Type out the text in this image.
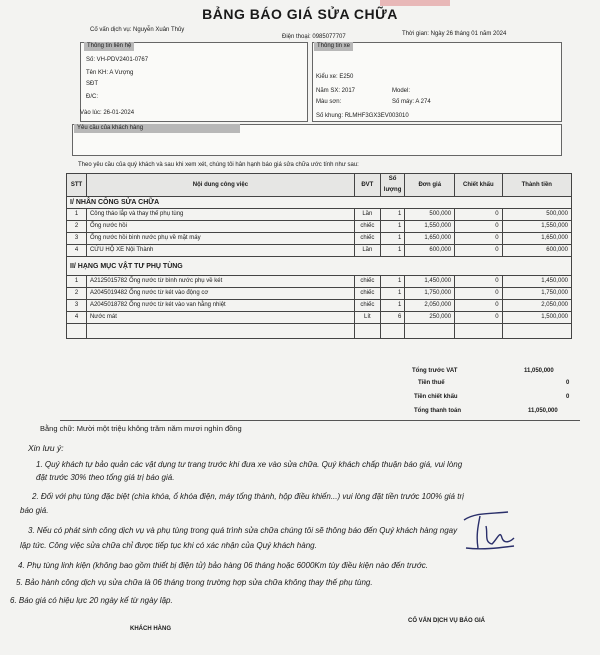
BẢNG BÁO GIÁ SỬA CHỮA
Cố vấn dịch vụ: Nguyễn Xuân Thủy
Điện thoại: 0985077707	Thời gian: Ngày 26 tháng 01 năm 2024
Thông tin liên hệ
Số: VH-PDV2401-0767
Tên KH: A Vượng
SĐT
Đ/C:
Vào lúc: 26-01-2024
Thông tin xe
Kiểu xe: E250
Năm SX: 2017	Model:
Màu sơn:	Số máy: A 274
Số khung: RLMHF3GX3EV003010
Yêu cầu của khách hàng
Theo yêu cầu của quý khách và sau khi xem xét, chúng tôi hân hạnh báo giá sửa chữa ước tính như sau:
STT	Nội dung công việc	ĐVT	Số lượng	Đơn giá	Chiết khấu	Thành tiền
I/ NHÂN CÔNG SỬA CHỮA						
1	Công tháo lắp và thay thế phụ tùng	Lần	1	500,000	0	500,000
2	Ống nước hồi	chiếc	1	1,550,000	0	1,550,000
3	Ống nước hồi bình nước phụ về mặt máy	chiếc	1	1,650,000	0	1,650,000
4	CỨU HỘ XE Nội Thành	Lần	1	600,000	0	600,000
II/ HẠNG MỤC VẬT TƯ PHỤ TÙNG						
1	A2125015782 Ống nước từ bình nước phụ về két	chiếc	1	1,450,000	0	1,450,000
2	A2045019482 Ống nước từ két vào động cơ	chiếc	1	1,750,000	0	1,750,000
3	A2045018782 Ống nước từ két vào van hằng nhiệt	chiếc	1	2,050,000	0	2,050,000
4	Nước mát	Lít	6	250,000	0	1,500,000

Tổng trước VAT	11,050,000
Tiền thuế	0
Tiền chiết khấu	0
Tổng thanh toán	11,050,000
Bằng chữ: Mười một triệu không trăm năm mươi nghìn đồng
Xin lưu ý:
1. Quý khách tự bảo quản các vật dụng tư trang trước khi đưa xe vào sửa chữa. Quý khách chấp thuận báo giá, vui lòng
đặt trước 30% theo tổng giá trị báo giá.
2. Đối với phụ tùng đặc biệt (chìa khóa, ổ khóa điện, máy tổng thành, hộp điều khiển...) vui lòng đặt tiền trước 100% giá trị
báo giá.
3. Nếu có phát sinh công dịch vụ và phụ tùng trong quá trình sửa chữa chúng tôi sẽ thông báo đến Quý khách hàng ngay
lập tức. Công việc sửa chữa chỉ được tiếp tục khi có xác nhận của Quý khách hàng.
4. Phụ tùng linh kiện (không bao gồm thiết bị điện tử) bảo hàng 06 tháng hoặc 6000Km tùy điều kiện nào đến trước.
5. Bảo hành công dịch vụ sửa chữa là 06 tháng trong trường hợp sửa chữa không thay thế phụ tùng.
6. Báo giá có hiệu lực 20 ngày kể từ ngày lập.
KHÁCH HÀNG
CỐ VẤN DỊCH VỤ BÁO GIÁ
